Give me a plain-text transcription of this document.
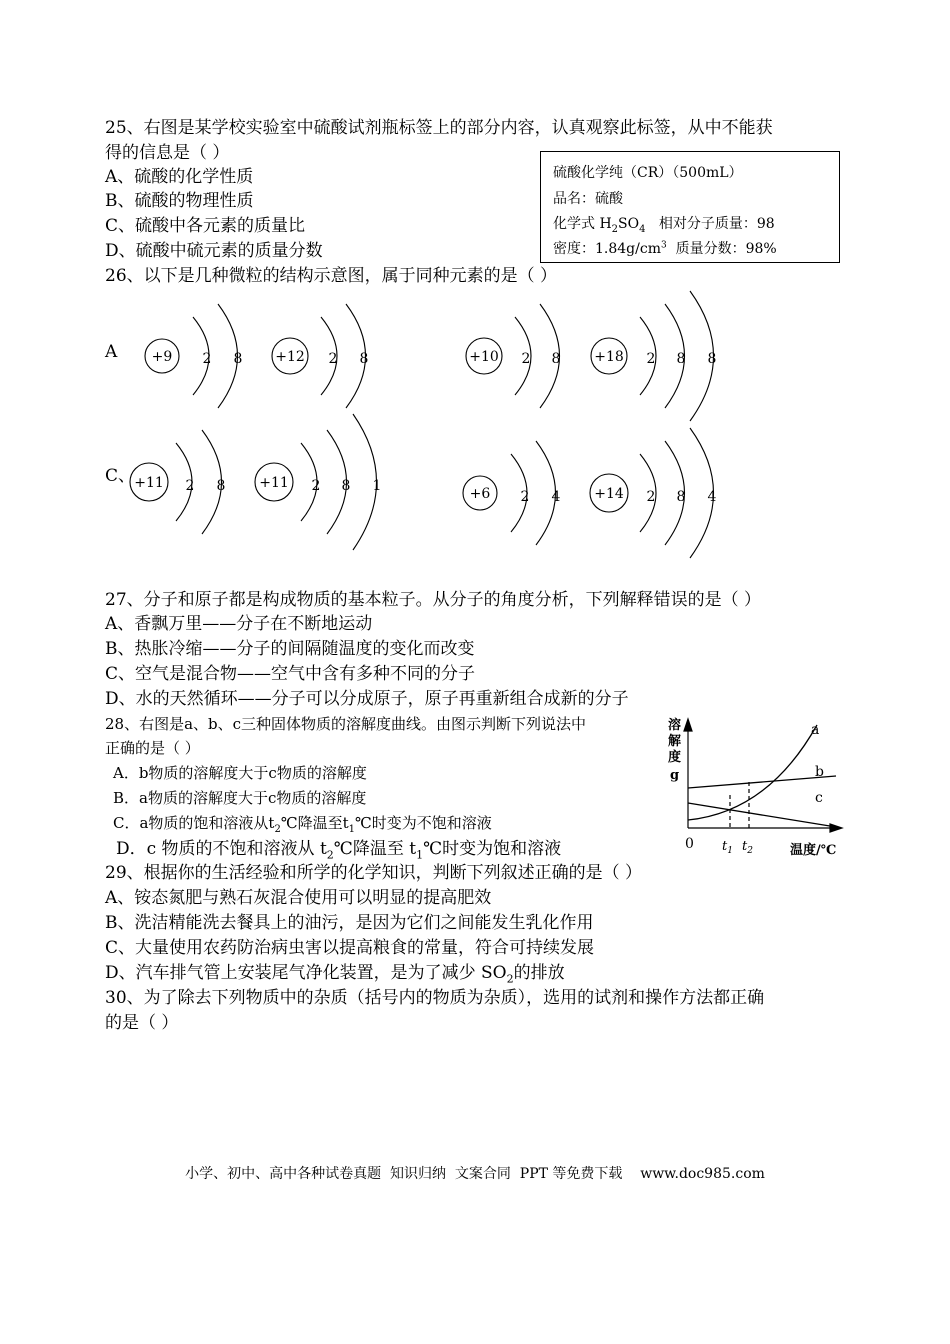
25、右图是某学校实验室中硫酸试剂瓶标签上的部分内容，认真观察此标签，从中不能获
得的信息是（ ）
A、硫酸的化学性质
B、硫酸的物理性质
C、硫酸中各元素的质量比
D、硫酸中硫元素的质量分数
硫酸化学纯（CR）（500mL）
品名：硫酸
化学式 $H_2SO_4$   相对分子质量：98
密度：$1.84g/cm^3$  质量分数：98%
26、以下是几种微粒的结构示意图，属于同种元素的是（ ）
A
C、
+9 2 8 +12 2 8	+10 2 8 +18 2 8 8
+11 2 8 +11 2 8 1	+6 2 4 +14 2 8 4
27、分子和原子都是构成物质的基本粒子。从分子的角度分析，下列解释错误的是（ ）
A、香飘万里——分子在不断地运动
B、热胀冷缩——分子的间隔随温度的变化而改变
C、空气是混合物——空气中含有多种不同的分子
D、水的天然循环——分子可以分成原子，原子再重新组合成新的分子
28、右图是a、b、c三种固体物质的溶解度曲线。由图示判断下列说法中
正确的是（ ）
A．b物质的溶解度大于c物质的溶解度
B．a物质的溶解度大于c物质的溶解度
C．a物质的饱和溶液从$t_2℃$降温至$t_1℃$时变为不饱和溶液
D．c 物质的不饱和溶液从 $t_2℃$降温至 $t_1℃$时变为饱和溶液
溶
解
度
g
温度/℃
0
a
b
c
$t_1$ $t_2$
29、根据你的生活经验和所学的化学知识，判断下列叙述正确的是（ ）
A、铵态氮肥与熟石灰混合使用可以明显的提高肥效
B、洗洁精能洗去餐具上的油污，是因为它们之间能发生乳化作用
C、大量使用农药防治病虫害以提高粮食的常量，符合可持续发展
D、汽车排气管上安装尾气净化装置，是为了减少 $SO_2$的排放
30、为了除去下列物质中的杂质（括号内的物质为杂质），选用的试剂和操作方法都正确
的是（ ）
小学、初中、高中各种试卷真题  知识归纳  文案合同  PPT 等免费下载    www.doc985.com
